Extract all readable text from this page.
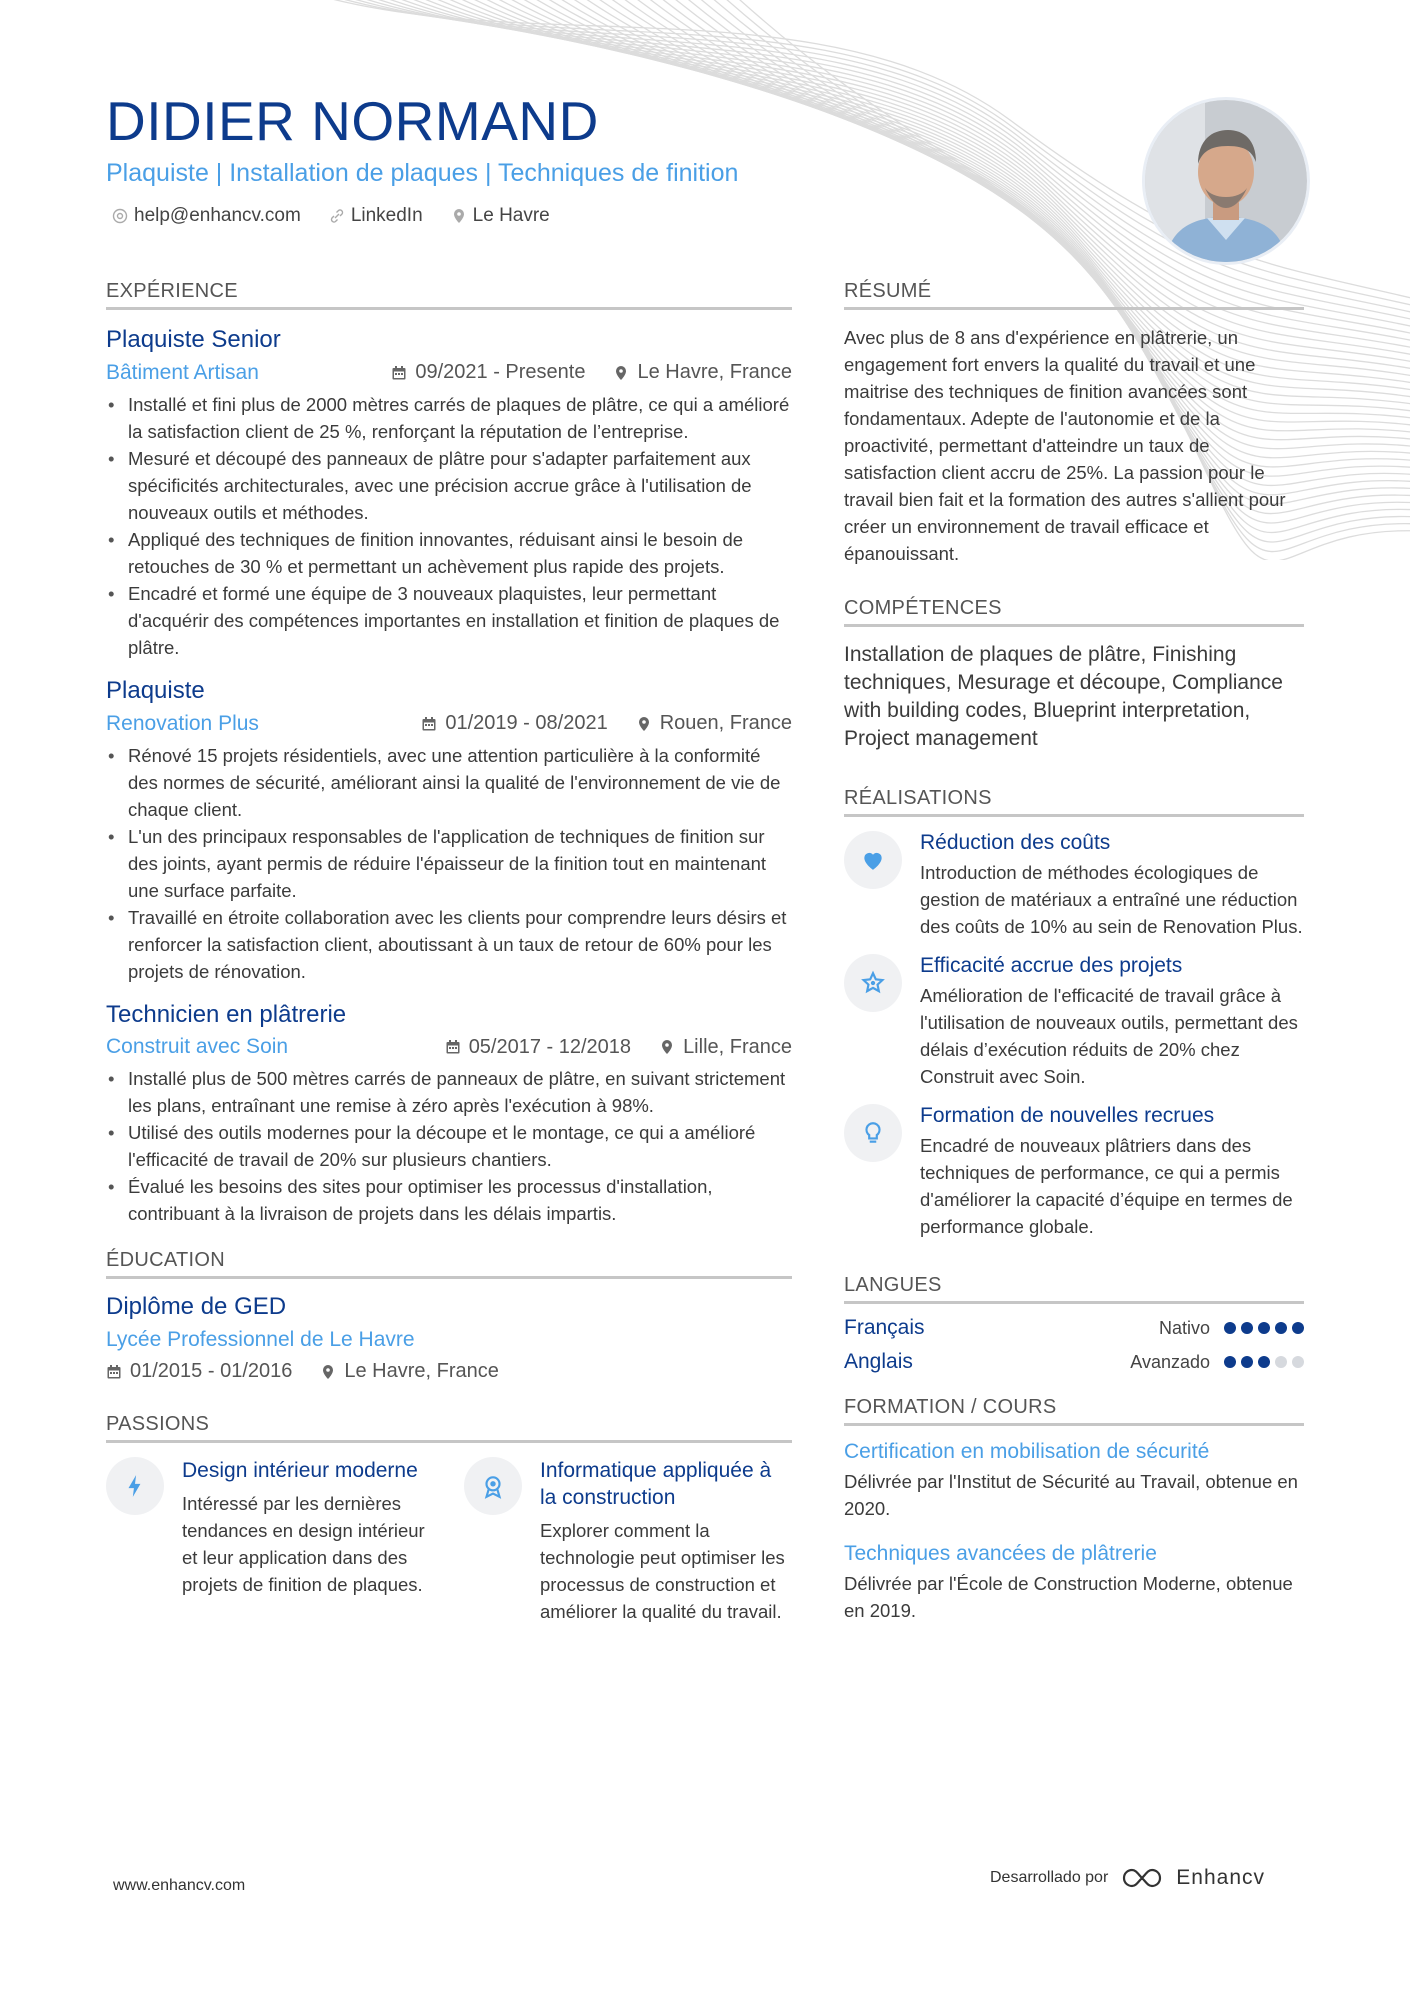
DIDIER NORMAND
Plaquiste | Installation de plaques | Techniques de finition
help@enhancv.com	LinkedIn	Le Havre
EXPÉRIENCE
Plaquiste Senior
Bâtiment Artisan	09/2021 - Presente	Le Havre, France
• Installé et fini plus de 2000 mètres carrés de plaques de plâtre, ce qui a amélioré la satisfaction client de 25 %, renforçant la réputation de l’entreprise.
• Mesuré et découpé des panneaux de plâtre pour s'adapter parfaitement aux spécificités architecturales, avec une précision accrue grâce à l'utilisation de nouveaux outils et méthodes.
• Appliqué des techniques de finition innovantes, réduisant ainsi le besoin de retouches de 30 % et permettant un achèvement plus rapide des projets.
• Encadré et formé une équipe de 3 nouveaux plaquistes, leur permettant d'acquérir des compétences importantes en installation et finition de plaques de plâtre.
Plaquiste
Renovation Plus	01/2019 - 08/2021	Rouen, France
• Rénové 15 projets résidentiels, avec une attention particulière à la conformité des normes de sécurité, améliorant ainsi la qualité de l'environnement de vie de chaque client.
• L'un des principaux responsables de l'application de techniques de finition sur des joints, ayant permis de réduire l'épaisseur de la finition tout en maintenant une surface parfaite.
• Travaillé en étroite collaboration avec les clients pour comprendre leurs désirs et renforcer la satisfaction client, aboutissant à un taux de retour de 60% pour les projets de rénovation.
Technicien en plâtrerie
Construit avec Soin	05/2017 - 12/2018	Lille, France
• Installé plus de 500 mètres carrés de panneaux de plâtre, en suivant strictement les plans, entraînant une remise à zéro après l'exécution à 98%.
• Utilisé des outils modernes pour la découpe et le montage, ce qui a amélioré l'efficacité de travail de 20% sur plusieurs chantiers.
• Évalué les besoins des sites pour optimiser les processus d'installation, contribuant à la livraison de projets dans les délais impartis.
ÉDUCATION
Diplôme de GED
Lycée Professionnel de Le Havre
01/2015 - 01/2016	Le Havre, France
PASSIONS
Design intérieur moderne
Intéressé par les dernières tendances en design intérieur et leur application dans des projets de finition de plaques.
Informatique appliquée à la construction
Explorer comment la technologie peut optimiser les processus de construction et améliorer la qualité du travail.
RÉSUMÉ

Avec plus de 8 ans d'expérience en plâtrerie, un engagement fort envers la qualité du travail et une maitrise des techniques de finition avancées sont fondamentaux. Adepte de l'autonomie et de la proactivité, permettant d'atteindre un taux de satisfaction client accru de 25%. La passion pour le travail bien fait et la formation des autres s'allient pour créer un environnement de travail efficace et épanouissant.

COMPÉTENCES

Installation de plaques de plâtre, Finishing techniques, Mesurage et découpe, Compliance with building codes, Blueprint interpretation, Project management

RÉALISATIONS
Réduction des coûts
Introduction de méthodes écologiques de gestion de matériaux a entraîné une réduction des coûts de 10% au sein de Renovation Plus.
Efficacité accrue des projets
Amélioration de l'efficacité de travail grâce à l'utilisation de nouveaux outils, permettant des délais d’exécution réduits de 20% chez Construit avec Soin.
Formation de nouvelles recrues
Encadré de nouveaux plâtriers dans des techniques de performance, ce qui a permis d'améliorer la capacité d’équipe en termes de performance globale.
LANGUES
Français	Nativo
Anglais	Avanzado
FORMATION / COURS
Certification en mobilisation de sécurité
Délivrée par l'Institut de Sécurité au Travail, obtenue en 2020.
Techniques avancées de plâtrerie
Délivrée par l'École de Construction Moderne, obtenue en 2019.
www.enhancv.com	Desarrollado por	Enhancv
